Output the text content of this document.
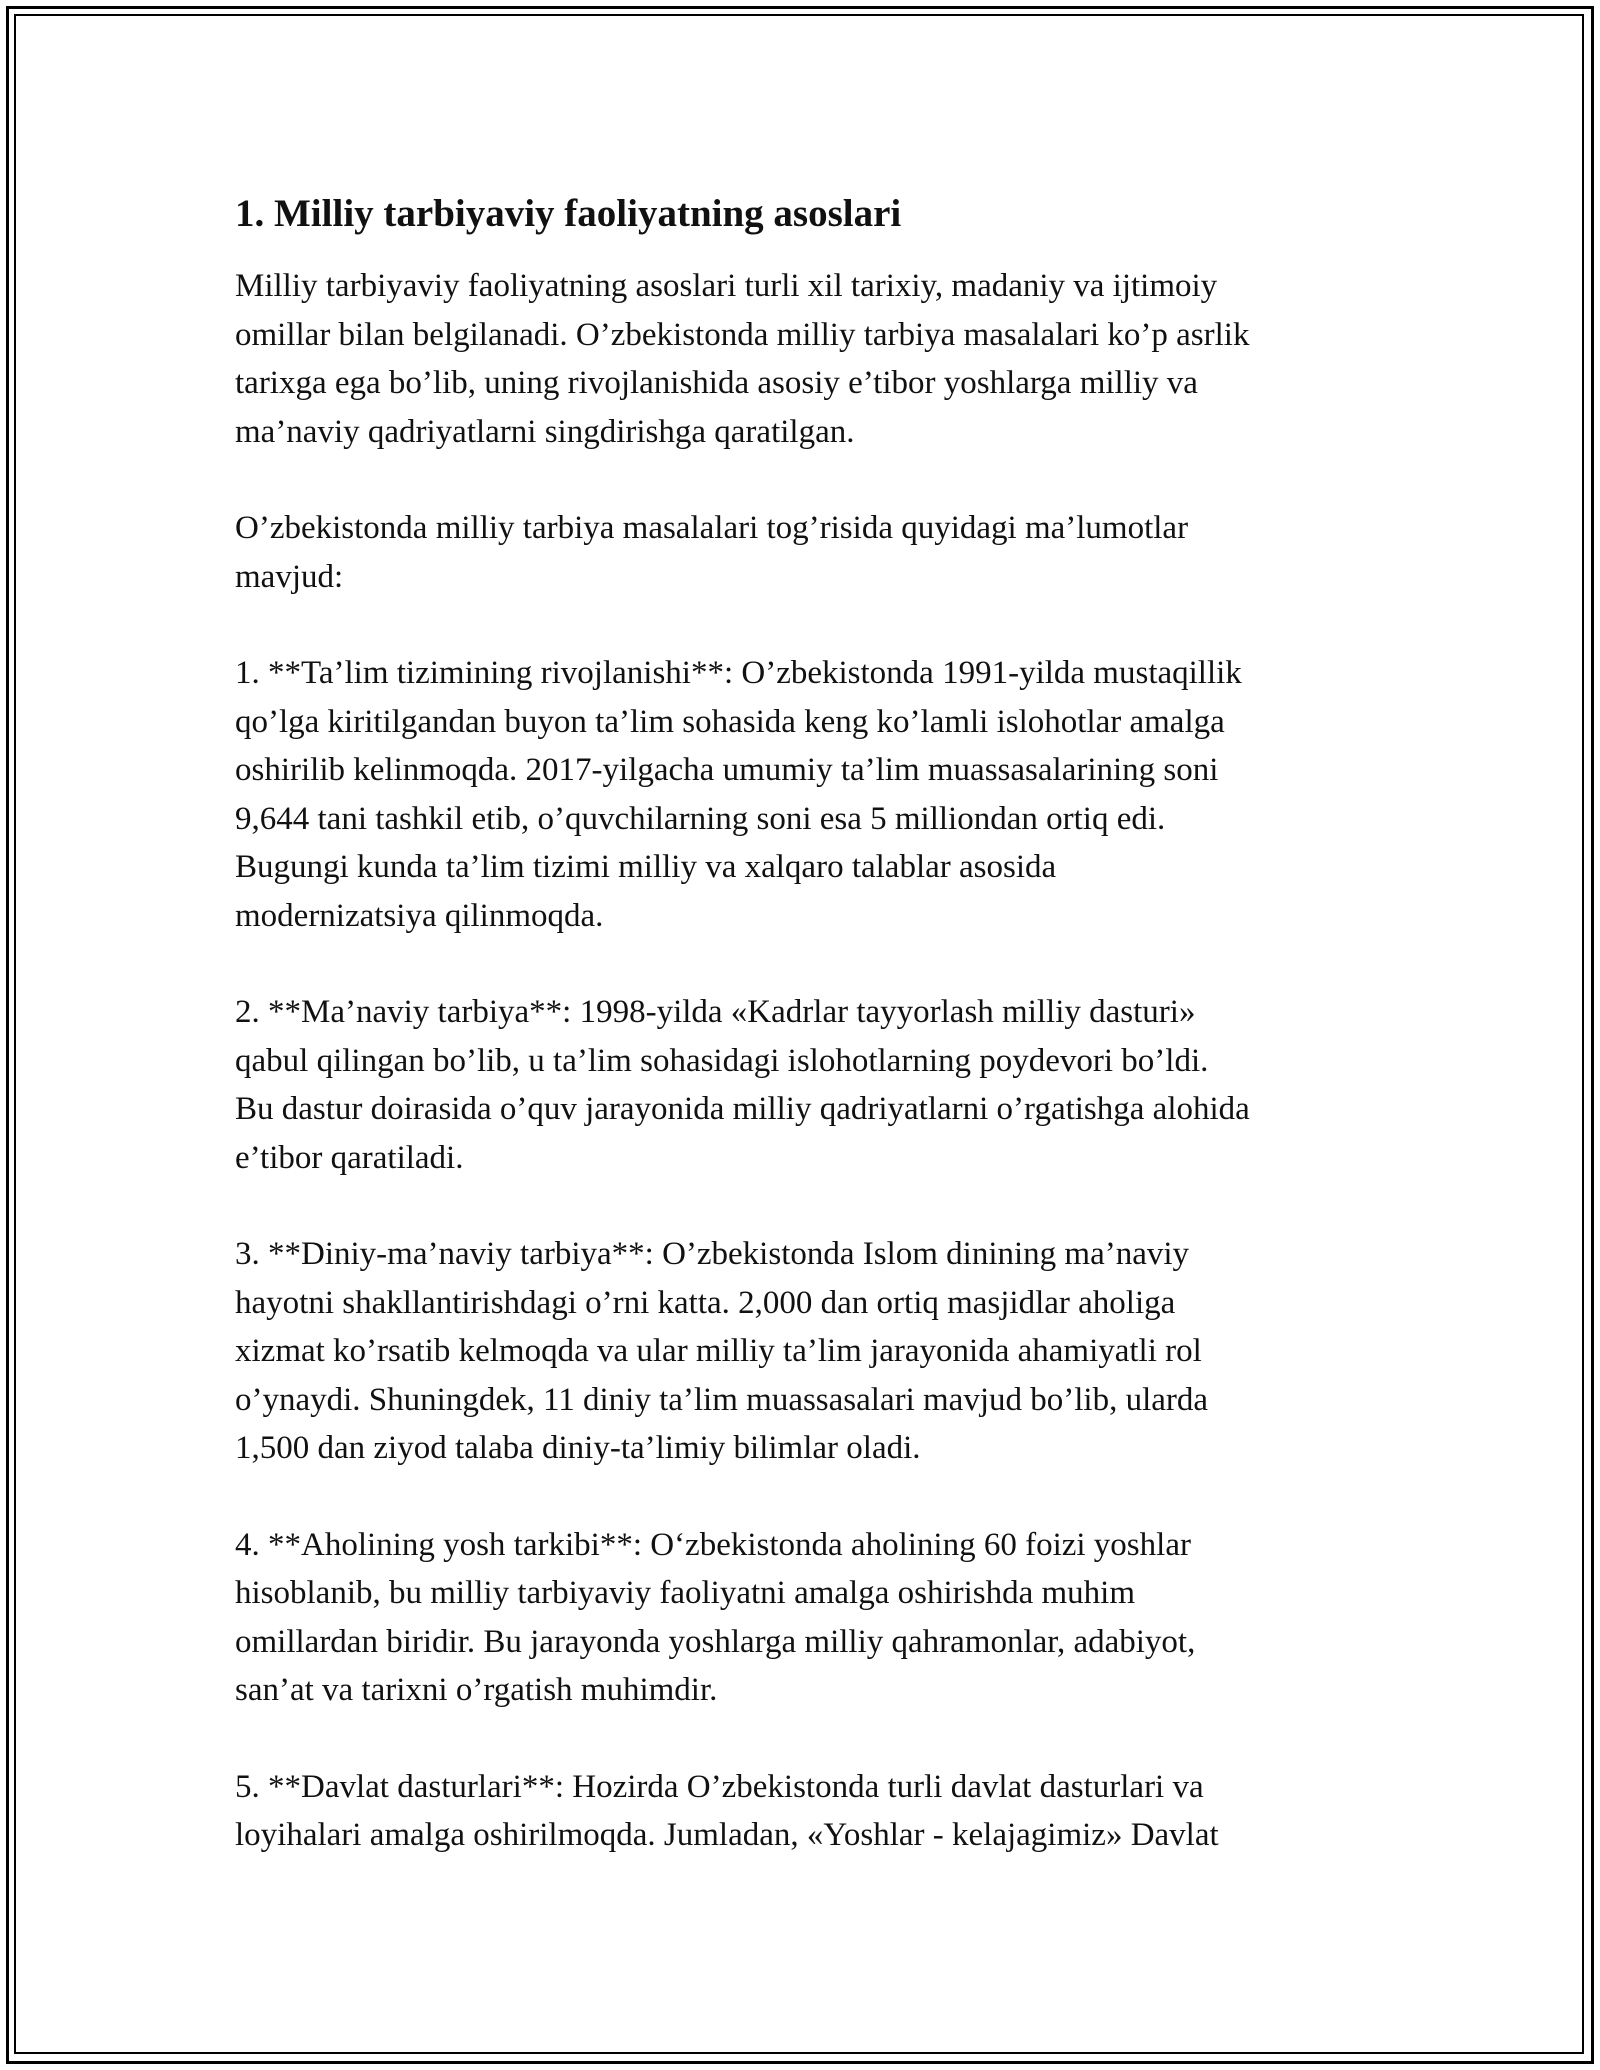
1. Milliy tarbiyaviy faoliyatning asoslari

Milliy tarbiyaviy faoliyatning asoslari turli xil tarixiy, madaniy va ijtimoiy
omillar bilan belgilanadi. O’zbekistonda milliy tarbiya masalalari ko’p asrlik
tarixga ega bo’lib, uning rivojlanishida asosiy e’tibor yoshlarga milliy va
ma’naviy qadriyatlarni singdirishga qaratilgan.

O’zbekistonda milliy tarbiya masalalari tog’risida quyidagi ma’lumotlar
mavjud:

1. **Ta’lim tizimining rivojlanishi**: O’zbekistonda 1991-yilda mustaqillik
qo’lga kiritilgandan buyon ta’lim sohasida keng ko’lamli islohotlar amalga
oshirilib kelinmoqda. 2017-yilgacha umumiy ta’lim muassasalarining soni
9,644 tani tashkil etib, o’quvchilarning soni esa 5 milliondan ortiq edi.
Bugungi kunda ta’lim tizimi milliy va xalqaro talablar asosida
modernizatsiya qilinmoqda.

2. **Ma’naviy tarbiya**: 1998-yilda «Kadrlar tayyorlash milliy dasturi»
qabul qilingan bo’lib, u ta’lim sohasidagi islohotlarning poydevori bo’ldi.
Bu dastur doirasida o’quv jarayonida milliy qadriyatlarni o’rgatishga alohida
e’tibor qaratiladi.

3. **Diniy-ma’naviy tarbiya**: O’zbekistonda Islom dinining ma’naviy
hayotni shakllantirishdagi o’rni katta. 2,000 dan ortiq masjidlar aholiga
xizmat ko’rsatib kelmoqda va ular milliy ta’lim jarayonida ahamiyatli rol
o’ynaydi. Shuningdek, 11 diniy ta’lim muassasalari mavjud bo’lib, ularda
1,500 dan ziyod talaba diniy-ta’limiy bilimlar oladi.

4. **Aholining yosh tarkibi**: O‘zbekistonda aholining 60 foizi yoshlar
hisoblanib, bu milliy tarbiyaviy faoliyatni amalga oshirishda muhim
omillardan biridir. Bu jarayonda yoshlarga milliy qahramonlar, adabiyot,
san’at va tarixni o’rgatish muhimdir.

5. **Davlat dasturlari**: Hozirda O’zbekistonda turli davlat dasturlari va
loyihalari amalga oshirilmoqda. Jumladan, «Yoshlar - kelajagimiz» Davlat
